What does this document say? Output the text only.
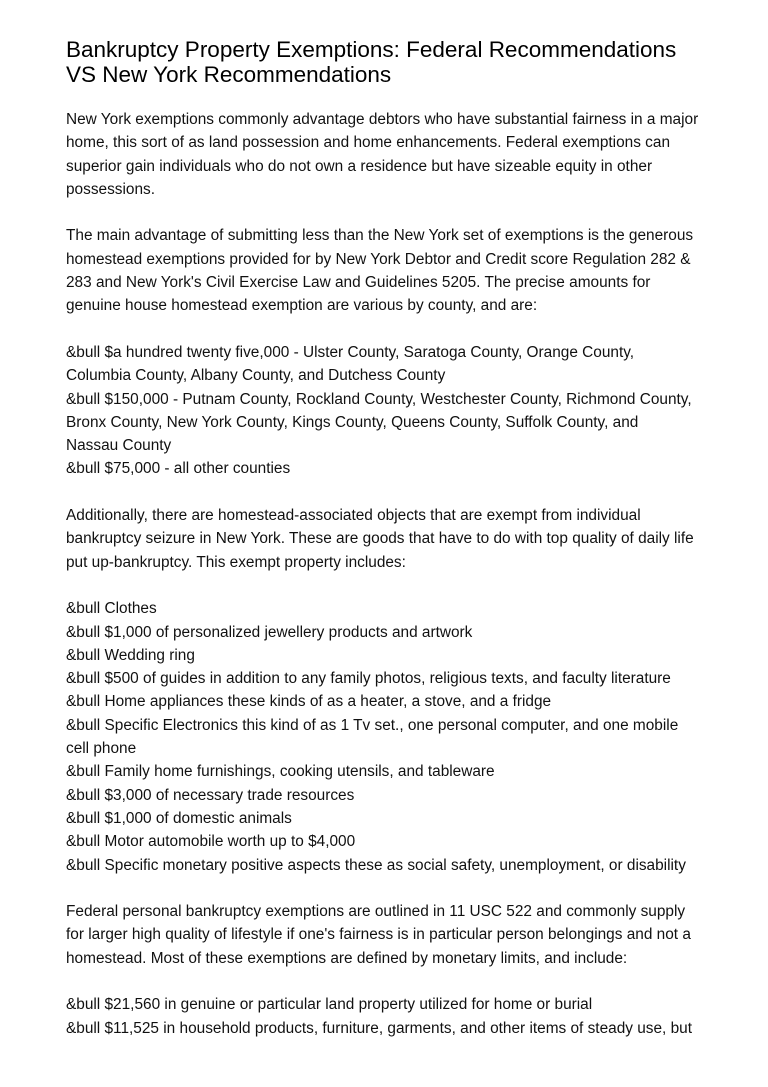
Bankruptcy Property Exemptions: Federal Recommendations
VS New York Recommendations
New York exemptions commonly advantage debtors who have substantial fairness in a major
home, this sort of as land possession and home enhancements. Federal exemptions can
superior gain individuals who do not own a residence but have sizeable equity in other
possessions.
The main advantage of submitting less than the New York set of exemptions is the generous
homestead exemptions provided for by New York Debtor and Credit score Regulation 282 &
283 and New York's Civil Exercise Law and Guidelines 5205. The precise amounts for
genuine house homestead exemption are various by county, and are:
&bull $a hundred twenty five,000 - Ulster County, Saratoga County, Orange County,
Columbia County, Albany County, and Dutchess County
&bull $150,000 - Putnam County, Rockland County, Westchester County, Richmond County,
Bronx County, New York County, Kings County, Queens County, Suffolk County, and
Nassau County
&bull $75,000 - all other counties
Additionally, there are homestead-associated objects that are exempt from individual
bankruptcy seizure in New York. These are goods that have to do with top quality of daily life
put up-bankruptcy. This exempt property includes:
&bull Clothes
&bull $1,000 of personalized jewellery products and artwork
&bull Wedding ring
&bull $500 of guides in addition to any family photos, religious texts, and faculty literature
&bull Home appliances these kinds of as a heater, a stove, and a fridge
&bull Specific Electronics this kind of as 1 Tv set., one personal computer, and one mobile
cell phone
&bull Family home furnishings, cooking utensils, and tableware
&bull $3,000 of necessary trade resources
&bull $1,000 of domestic animals
&bull Motor automobile worth up to $4,000
&bull Specific monetary positive aspects these as social safety, unemployment, or disability
Federal personal bankruptcy exemptions are outlined in 11 USC 522 and commonly supply
for larger high quality of lifestyle if one's fairness is in particular person belongings and not a
homestead. Most of these exemptions are defined by monetary limits, and include:
&bull $21,560 in genuine or particular land property utilized for home or burial
&bull $11,525 in household products, furniture, garments, and other items of steady use, but
